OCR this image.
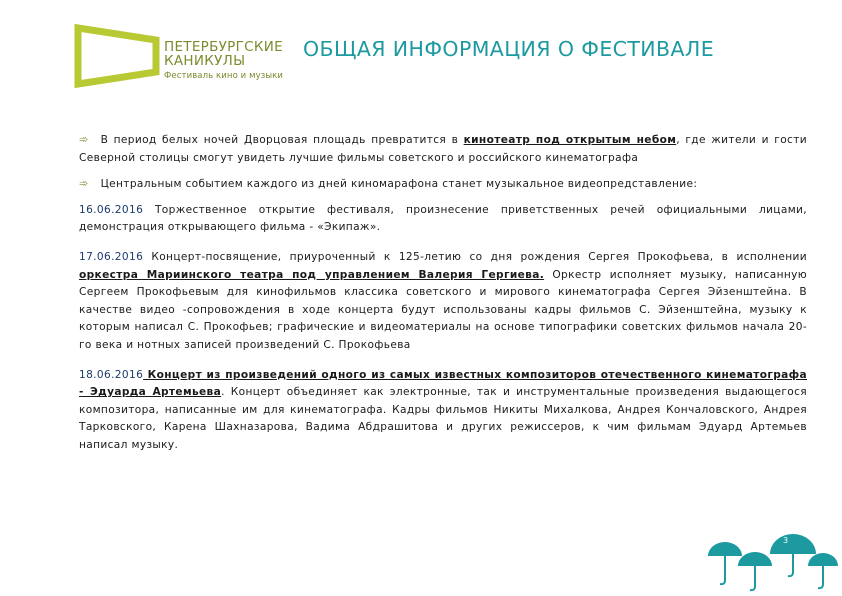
ПЕТЕРБУРГСКИЕ
КАНИКУЛЫ
Фестиваль кино и музыки
ОБЩАЯ ИНФОРМАЦИЯ О ФЕСТИВАЛЕ

➾ В период белых ночей Дворцовая площадь превратится в кинотеатр под открытым небом, где жители и гости Северной столицы смогут увидеть лучшие фильмы советского и российского кинематографа

➾ Центральным событием каждого из дней киномарафона станет музыкальное видеопредставление:

16.06.2016 Торжественное открытие фестиваля, произнесение приветственных речей официальными лицами, демонстрация открывающего фильма - «Экипаж».

17.06.2016 Концерт-посвящение, приуроченный к 125-летию со дня рождения Сергея Прокофьева, в исполнении оркестра Мариинского театра под управлением Валерия Гергиева. Оркестр исполняет музыку, написанную Сергеем Прокофьевым для кинофильмов классика советского и мирового кинематографа Сергея Эйзенштейна. В качестве видео -сопровождения в ходе концерта будут использованы кадры фильмов С. Эйзенштейна, музыку к которым написал С. Прокофьев; графические и видеоматериалы на основе типографики советских фильмов начала 20-го века и нотных записей произведений С. Прокофьева

18.06.2016 Концерт из произведений одного из самых известных композиторов отечественного кинематографа - Эдуарда Артемьева. Концерт объединяет как электронные, так и инструментальные произведения выдающегося композитора, написанные им для кинематографа. Кадры фильмов Никиты Михалкова, Андрея Кончаловского, Андрея Тарковского, Карена Шахназарова, Вадима Абдрашитова и других режиссеров, к чим фильмам Эдуард Артемьев написал музыку.

3
